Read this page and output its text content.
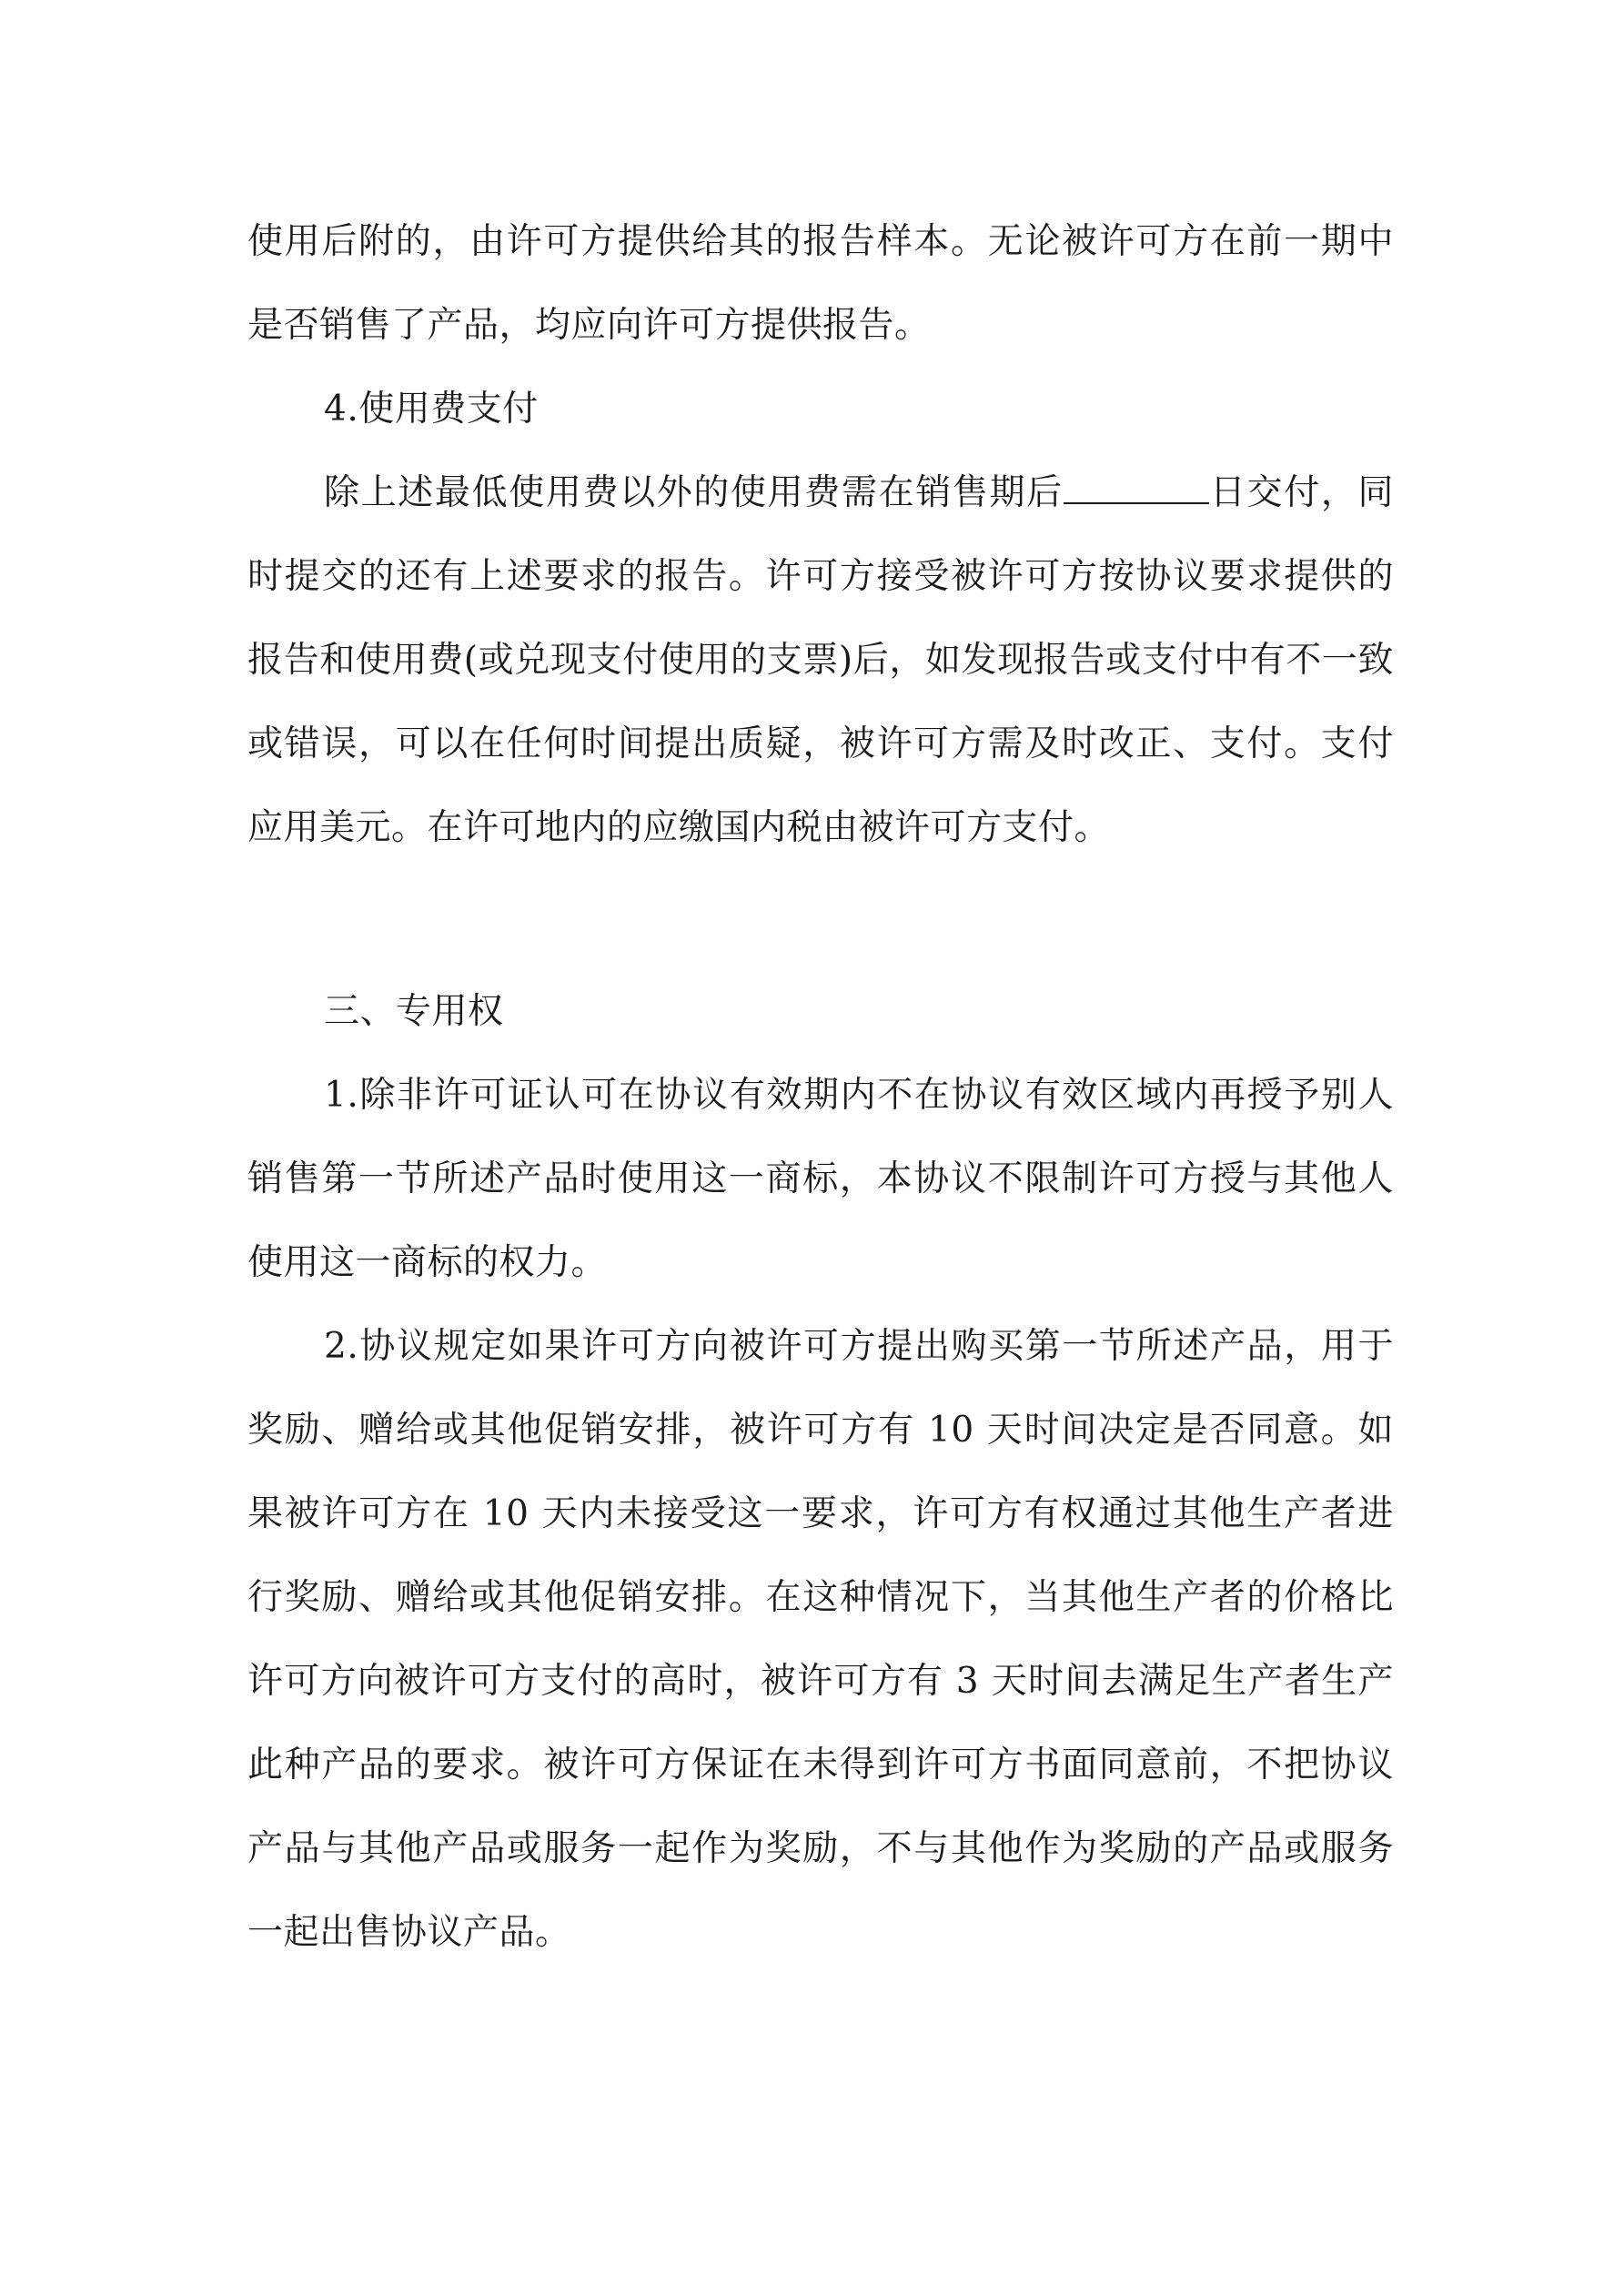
使用后附的，由许可方提供给其的报告样本。无论被许可方在前一期中是否销售了产品，均应向许可方提供报告。

4.使用费支付

除上述最低使用费以外的使用费需在销售期后	日交付，同时提交的还有上述要求的报告。许可方接受被许可方按协议要求提供的报告和使用费(或兑现支付使用的支票)后，如发现报告或支付中有不一致或错误，可以在任何时间提出质疑，被许可方需及时改正、支付。支付应用美元。在许可地内的应缴国内税由被许可方支付。

三、专用权

1.除非许可证认可在协议有效期内不在协议有效区域内再授予别人销售第一节所述产品时使用这一商标，本协议不限制许可方授与其他人使用这一商标的权力。

2.协议规定如果许可方向被许可方提出购买第一节所述产品，用于奖励、赠给或其他促销安排，被许可方有 10 天时间决定是否同意。如果被许可方在 10 天内未接受这一要求，许可方有权通过其他生产者进行奖励、赠给或其他促销安排。在这种情况下，当其他生产者的价格比许可方向被许可方支付的高时，被许可方有 3 天时间去满足生产者生产此种产品的要求。被许可方保证在未得到许可方书面同意前，不把协议产品与其他产品或服务一起作为奖励，不与其他作为奖励的产品或服务一起出售协议产品。
